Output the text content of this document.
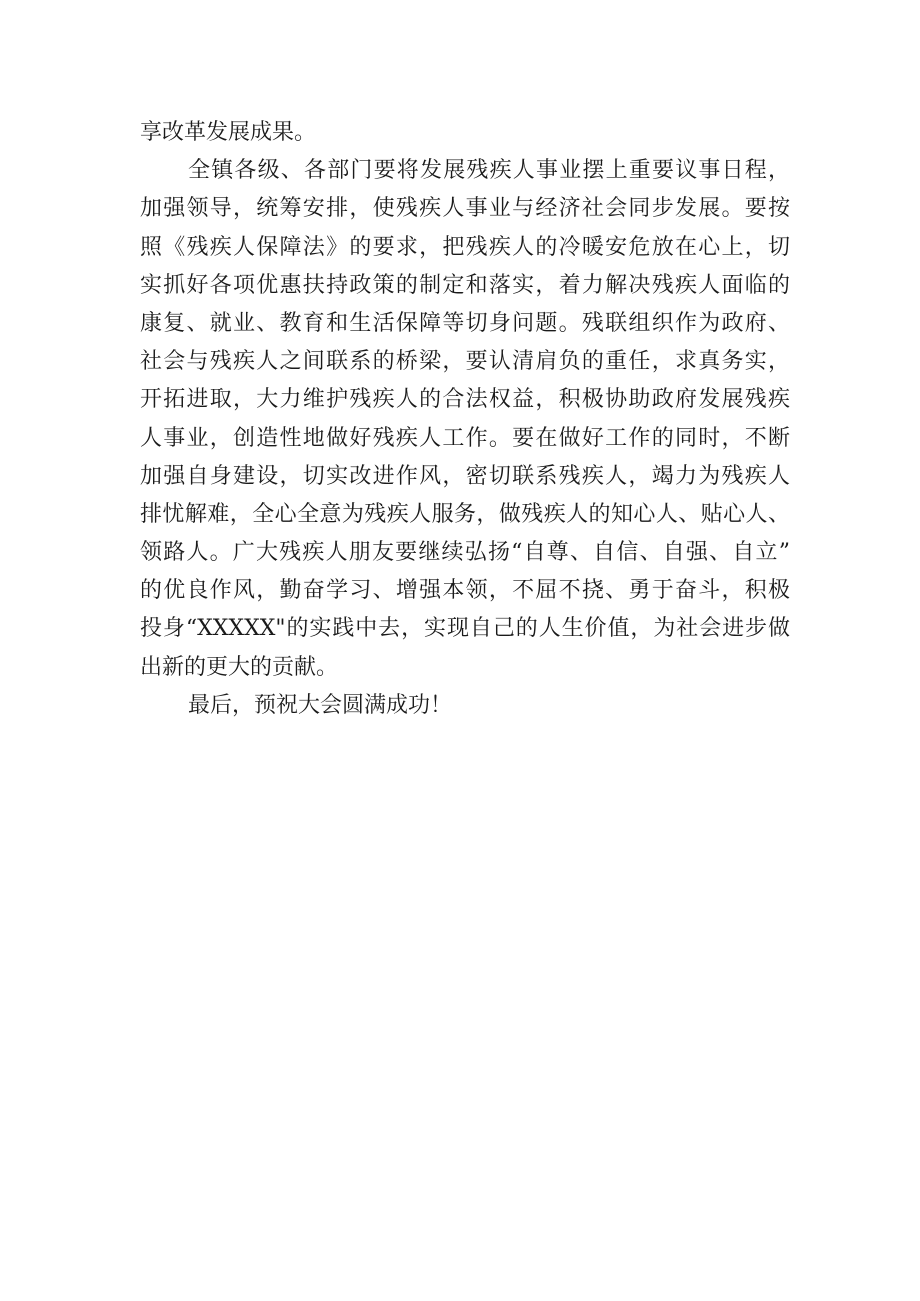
享改革发展成果。
全镇各级、各部门要将发展残疾人事业摆上重要议事日程，
加强领导，统筹安排，使残疾人事业与经济社会同步发展。要按
照《残疾人保障法》的要求，把残疾人的冷暖安危放在心上，切
实抓好各项优惠扶持政策的制定和落实，着力解决残疾人面临的
康复、就业、教育和生活保障等切身问题。残联组织作为政府、
社会与残疾人之间联系的桥梁，要认清肩负的重任，求真务实，
开拓进取，大力维护残疾人的合法权益，积极协助政府发展残疾
人事业，创造性地做好残疾人工作。要在做好工作的同时，不断
加强自身建设，切实改进作风，密切联系残疾人，竭力为残疾人
排忧解难，全心全意为残疾人服务，做残疾人的知心人、贴心人、
领路人。广大残疾人朋友要继续弘扬“自尊、自信、自强、自立”
的优良作风，勤奋学习、增强本领，不屈不挠、勇于奋斗，积极
投身“XXXXX"的实践中去，实现自己的人生价值，为社会进步做
出新的更大的贡献。
最后，预祝大会圆满成功！
